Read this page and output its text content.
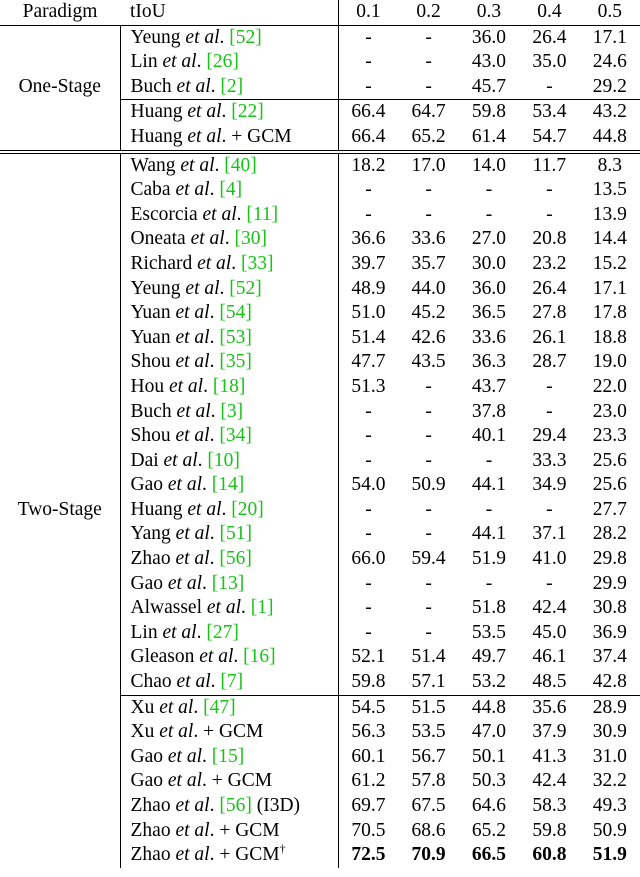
Paradigm	tIoU	0.1	0.2	0.3	0.4	0.5
One-Stage	Yeung et al. [52]	-	-	36.0	26.4	17.1
	Lin et al. [26]	-	-	43.0	35.0	24.6
	Buch et al. [2]	-	-	45.7	-	29.2
	Huang et al. [22]	66.4	64.7	59.8	53.4	43.2
	Huang et al. + GCM	66.4	65.2	61.4	54.7	44.8
Two-Stage	Wang et al. [40]	18.2	17.0	14.0	11.7	8.3
	Caba et al. [4]	-	-	-	-	13.5
	Escorcia et al. [11]	-	-	-	-	13.9
	Oneata et al. [30]	36.6	33.6	27.0	20.8	14.4
	Richard et al. [33]	39.7	35.7	30.0	23.2	15.2
	Yeung et al. [52]	48.9	44.0	36.0	26.4	17.1
	Yuan et al. [54]	51.0	45.2	36.5	27.8	17.8
	Yuan et al. [53]	51.4	42.6	33.6	26.1	18.8
	Shou et al. [35]	47.7	43.5	36.3	28.7	19.0
	Hou et al. [18]	51.3	-	43.7	-	22.0
	Buch et al. [3]	-	-	37.8	-	23.0
	Shou et al. [34]	-	-	40.1	29.4	23.3
	Dai et al. [10]	-	-	-	33.3	25.6
	Gao et al. [14]	54.0	50.9	44.1	34.9	25.6
	Huang et al. [20]	-	-	-	-	27.7
	Yang et al. [51]	-	-	44.1	37.1	28.2
	Zhao et al. [56]	66.0	59.4	51.9	41.0	29.8
	Gao et al. [13]	-	-	-	-	29.9
	Alwassel et al. [1]	-	-	51.8	42.4	30.8
	Lin et al. [27]	-	-	53.5	45.0	36.9
	Gleason et al. [16]	52.1	51.4	49.7	46.1	37.4
	Chao et al. [7]	59.8	57.1	53.2	48.5	42.8
	Xu et al. [47]	54.5	51.5	44.8	35.6	28.9
	Xu et al. + GCM	56.3	53.5	47.0	37.9	30.9
	Gao et al. [15]	60.1	56.7	50.1	41.3	31.0
	Gao et al. + GCM	61.2	57.8	50.3	42.4	32.2
	Zhao et al. [56] (I3D)	69.7	67.5	64.6	58.3	49.3
	Zhao et al. + GCM	70.5	68.6	65.2	59.8	50.9
	Zhao et al. + GCM†	72.5	70.9	66.5	60.8	51.9
